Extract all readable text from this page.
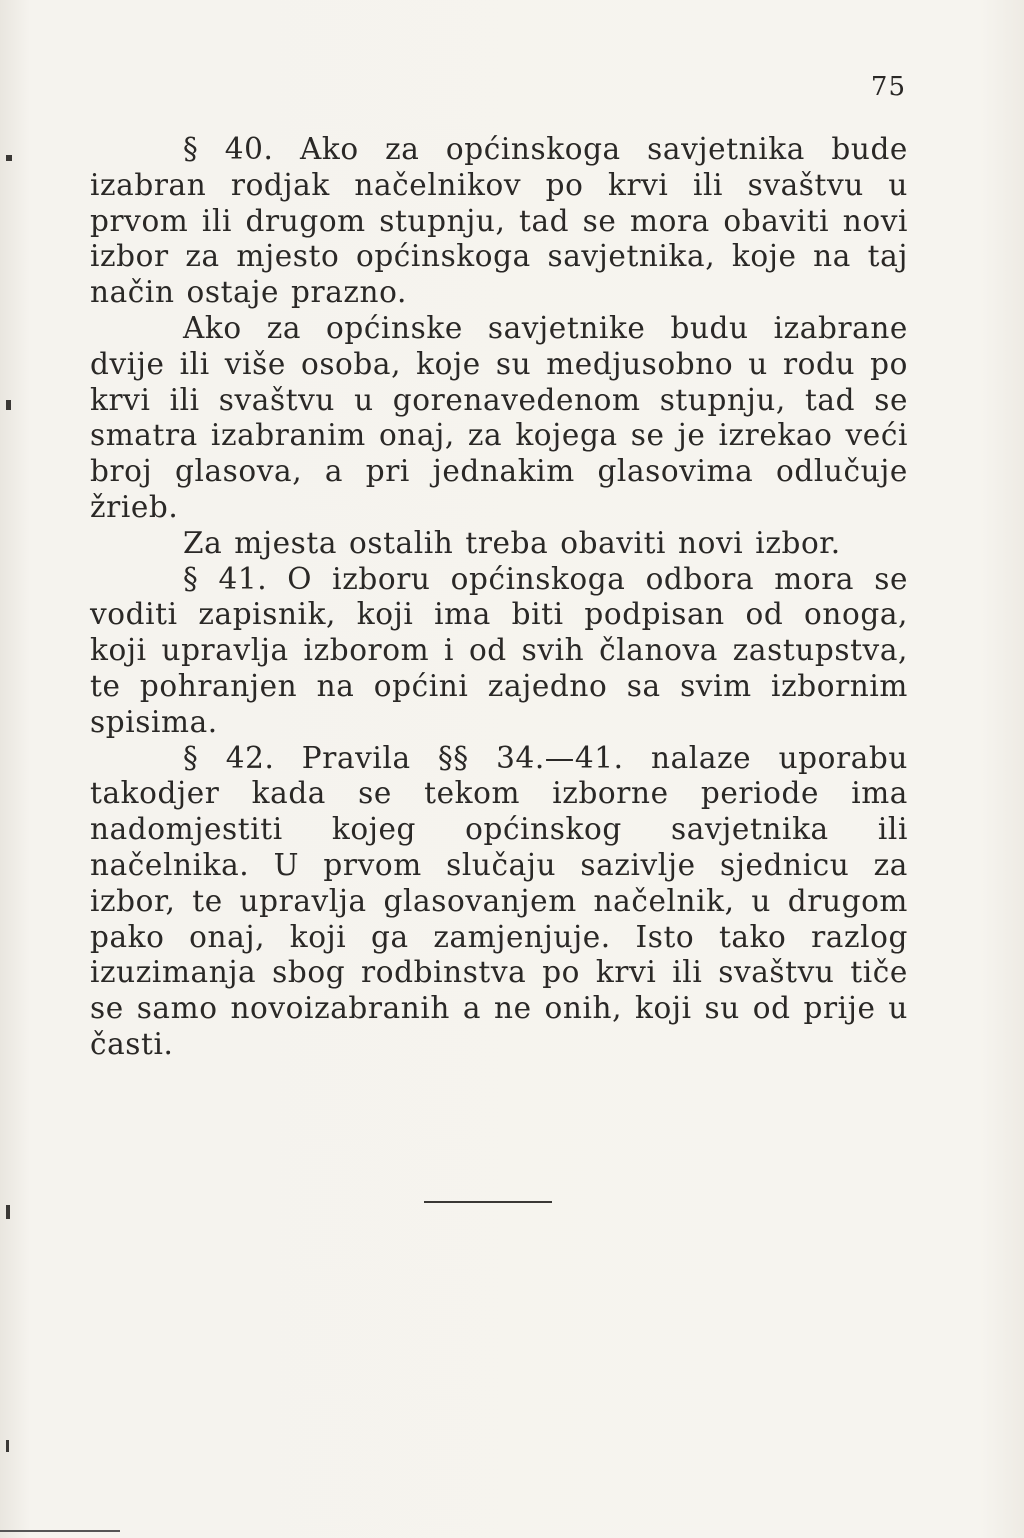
75

§ 40. Ako za općinskoga savjetnika bude izabran rodjak načelnikov po krvi ili svaštvu u prvom ili drugom stupnju, tad se mora obaviti novi izbor za mjesto općinskoga savjetnika, koje na taj način ostaje prazno.

Ako za općinske savjetnike budu izabrane dvije ili više osoba, koje su medjusobno u rodu po krvi ili svaštvu u gorenavedenom stupnju, tad se smatra izabranim onaj, za kojega se je izrekao veći broj glasova, a pri jednakim glasovima odlučuje žrieb.

Za mjesta ostalih treba obaviti novi izbor.

§ 41. O izboru općinskoga odbora mora se voditi zapisnik, koji ima biti podpisan od onoga, koji upravlja izborom i od svih članova zastupstva, te pohranjen na općini zajedno sa svim izbornim spisima.

§ 42. Pravila §§ 34.—41. nalaze uporabu takodjer kada se tekom izborne periode ima nadomjestiti kojeg općinskog savjetnika ili načelnika. U prvom slučaju sazivlje sjednicu za izbor, te upravlja glasovanjem načelnik, u drugom pako onaj, koji ga zamjenjuje. Isto tako razlog izuzimanja sbog rodbinstva po krvi ili svaštvu tiče se samo novoizabranih a ne onih, koji su od prije u časti.
